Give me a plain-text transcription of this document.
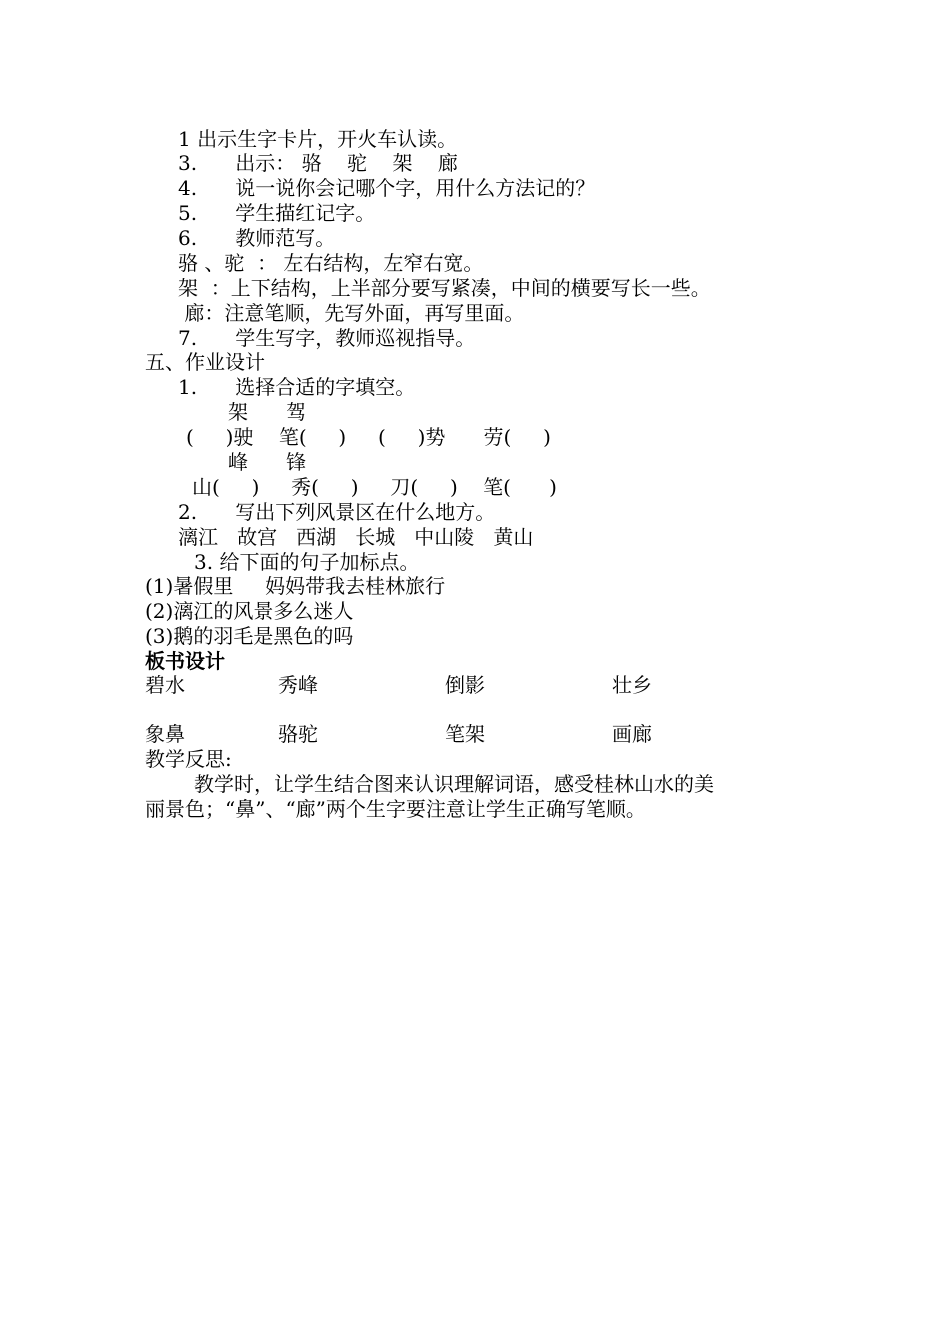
1 出示生字卡片，开火车认读。
3.      出示： 骆    驼    架    廊
4.      说一说你会记哪个字，用什么方法记的？
5.      学生描红记字。
6.      教师范写。
骆 、驼  ： 左右结构，左窄右宽。
架  ：上下结构，上半部分要写紧凑，中间的横要写长一些。
廊：注意笔顺，先写外面，再写里面。
7.      学生写字，教师巡视指导。
五、作业设计
1.      选择合适的字填空。
架      驾
(     )驶    笔(     )     (     )势      劳(     )
峰      锋
山(     )     秀(     )     刀(     )    笔(      )
2.      写出下列风景区在什么地方。
漓江   故宫   西湖   长城   中山陵   黄山
3. 给下面的句子加标点。
(1)暑假里     妈妈带我去桂林旅行
(2)漓江的风景多么迷人
(3)鹅的羽毛是黑色的吗
板书设计
碧水	秀峰	倒影	壮乡
象鼻	骆驼	笔架	画廊
教学反思:
教学时，让学生结合图来认识理解词语，感受桂林山水的美
丽景色；“鼻”、“廊”两个生字要注意让学生正确写笔顺。
